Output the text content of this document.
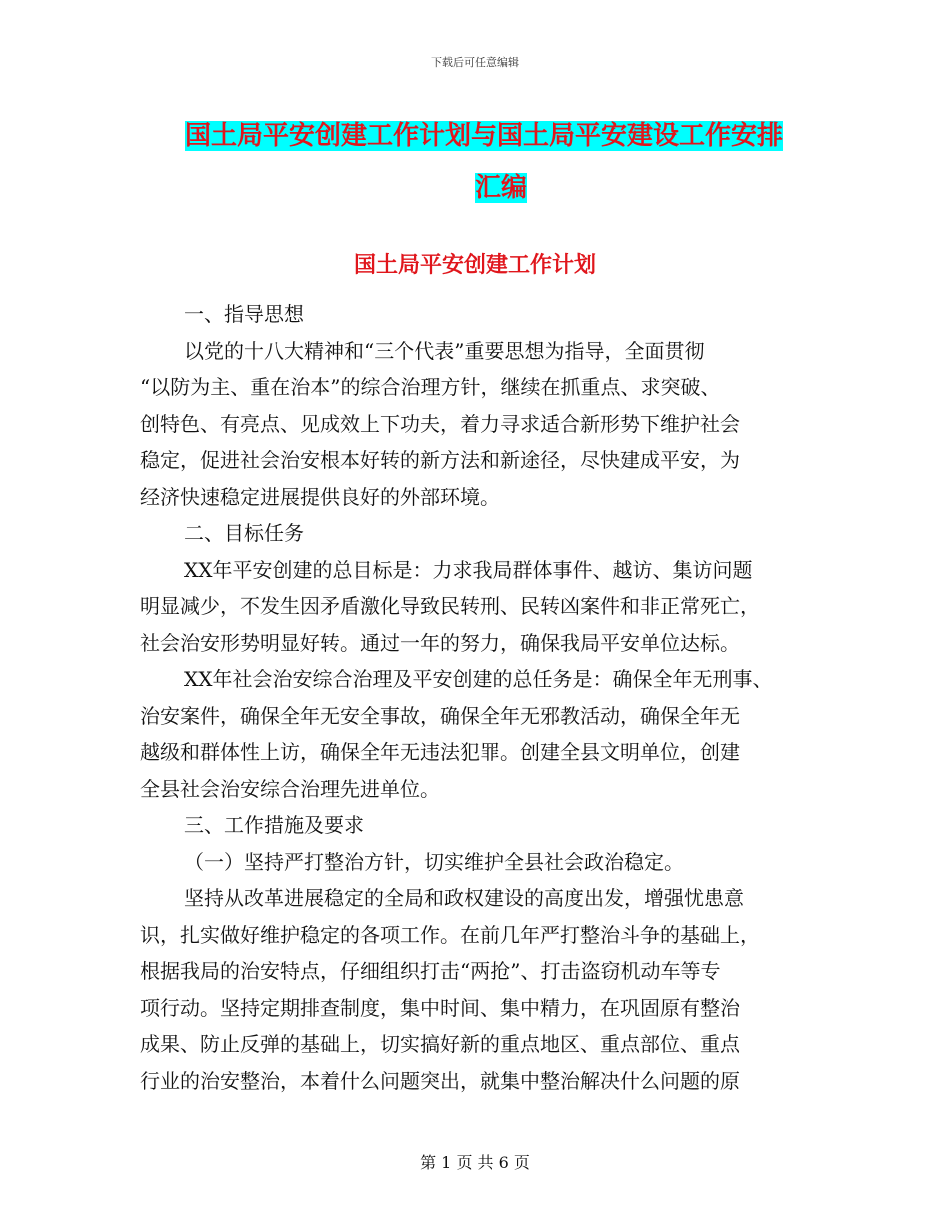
下载后可任意编辑
国土局平安创建工作计划与国土局平安建设工作安排
汇编
国土局平安创建工作计划
一、指导思想
以党的十八大精神和“三个代表”重要思想为指导，全面贯彻
“以防为主、重在治本”的综合治理方针，继续在抓重点、求突破、
创特色、有亮点、见成效上下功夫，着力寻求适合新形势下维护社会
稳定，促进社会治安根本好转的新方法和新途径，尽快建成平安，为
经济快速稳定进展提供良好的外部环境。
二、目标任务
XX年平安创建的总目标是：力求我局群体事件、越访、集访问题
明显减少，不发生因矛盾激化导致民转刑、民转凶案件和非正常死亡，
社会治安形势明显好转。通过一年的努力，确保我局平安单位达标。
XX年社会治安综合治理及平安创建的总任务是：确保全年无刑事、
治安案件，确保全年无安全事故，确保全年无邪教活动，确保全年无
越级和群体性上访，确保全年无违法犯罪。创建全县文明单位，创建
全县社会治安综合治理先进单位。
三、工作措施及要求
（一）坚持严打整治方针，切实维护全县社会政治稳定。
坚持从改革进展稳定的全局和政权建设的高度出发，增强忧患意
识，扎实做好维护稳定的各项工作。在前几年严打整治斗争的基础上，
根据我局的治安特点，仔细组织打击“两抢”、打击盗窃机动车等专
项行动。坚持定期排查制度，集中时间、集中精力，在巩固原有整治
成果、防止反弹的基础上，切实搞好新的重点地区、重点部位、重点
行业的治安整治，本着什么问题突出，就集中整治解决什么问题的原
第 1 页 共 6 页
